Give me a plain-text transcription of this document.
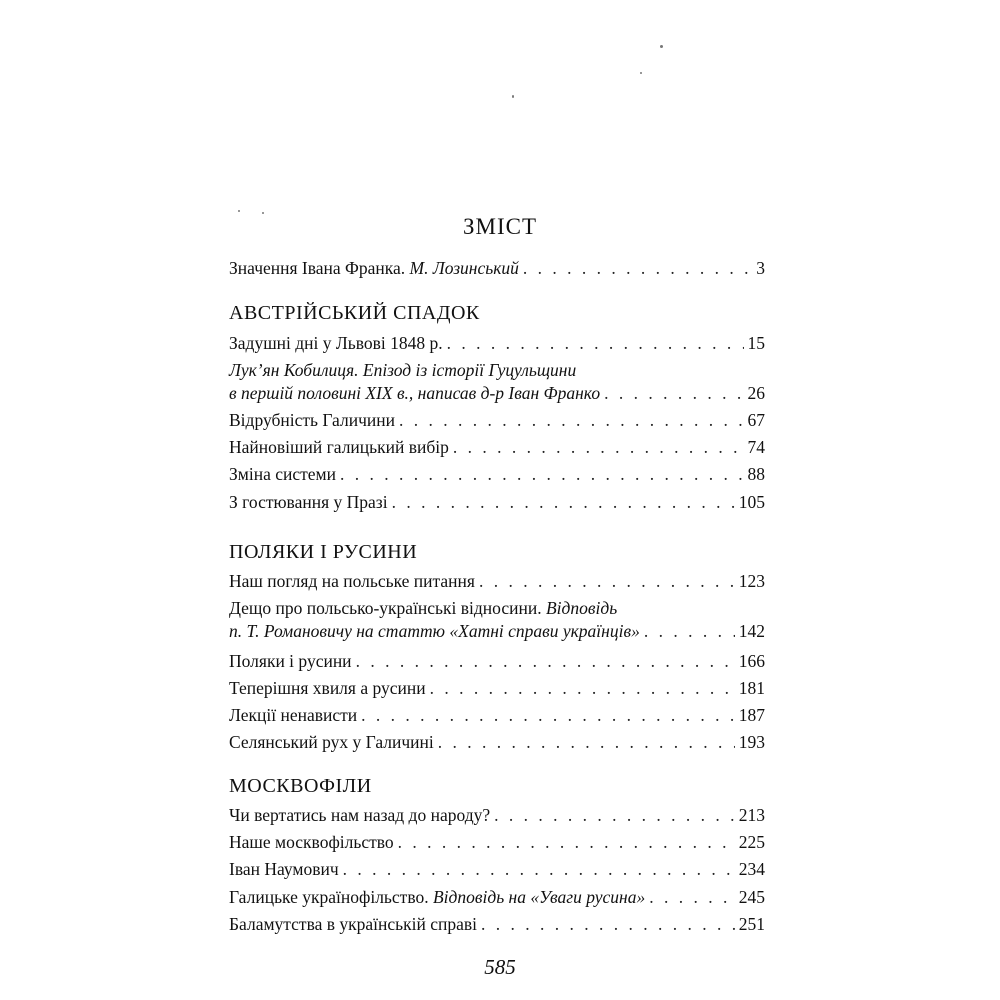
ЗМІСТ
Значення Івана Франка. М. Лозинський . . .	3
АВСТРІЙСЬКИЙ СПАДОК
Задушні дні у Львові 1848 р. . . .	15
Лук’ян Кобилиця. Епізод із історії Гуцульщини
в першій половині XIX в., написав д-р Іван Франко . . .	26
Відрубність Галичини . . .	67
Найновіший галицький вибір . . .	74
Зміна системи . . .	88
З гостювання у Празі . . .	105
ПОЛЯКИ І РУСИНИ
Наш погляд на польське питання . . .	123
Дещо про польсько-українські відносини. Відповідь
п. Т. Романовичу на статтю «Хатні справи українців» . . .	142
Поляки і русини . . .	166
Теперішня хвиля а русини . . .	181
Лекції ненависти . . .	187
Селянський рух у Галичині . . .	193
МОСКВОФІЛИ
Чи вертатись нам назад до народу? . . .	213
Наше москвофільство . . .	225
Іван Наумович . . .	234
Галицьке українофільство. Відповідь на «Уваги русина» . . .	245
Баламутства в українській справі . . .	251
585
